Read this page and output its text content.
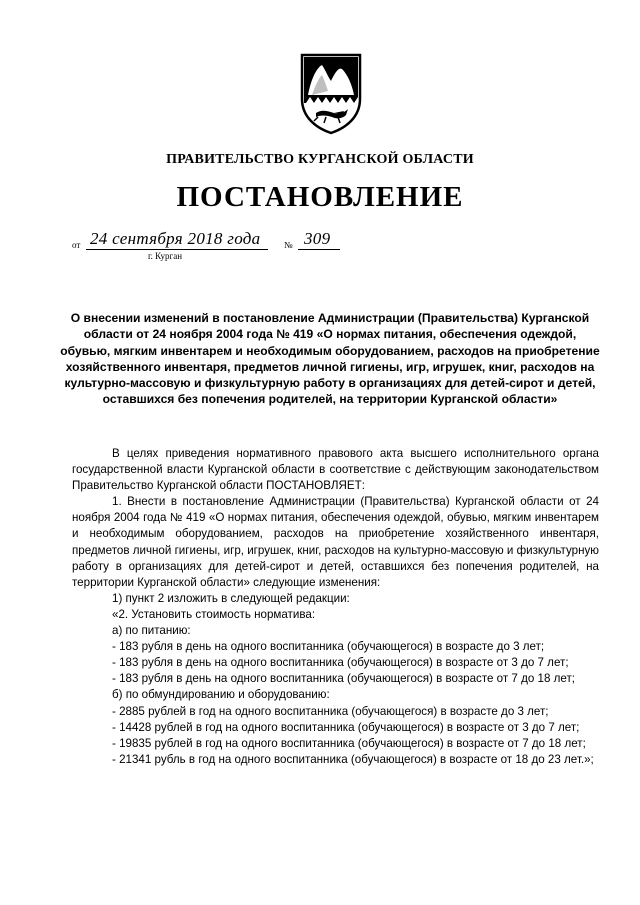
ПРАВИТЕЛЬСТВО КУРГАНСКОЙ ОБЛАСТИ
ПОСТАНОВЛЕНИЕ
от 24 сентября 2018 года	№ 309
г. Курган
О внесении изменений в постановление Администрации (Правительства) Курганской области от 24 ноября 2004 года № 419 «О нормах питания, обеспечения одеждой, обувью, мягким инвентарем и необходимым оборудованием, расходов на приобретение хозяйственного инвентаря, предметов личной гигиены, игр, игрушек, книг, расходов на культурно-массовую и физкультурную работу в организациях для детей-сирот и детей, оставшихся без попечения родителей, на территории Курганской области»

В целях приведения нормативного правового акта высшего исполнительного органа государственной власти Курганской области в соответствие с действующим законодательством Правительство Курганской области ПОСТАНОВЛЯЕТ:

1. Внести в постановление Администрации (Правительства) Курганской области от 24 ноября 2004 года № 419 «О нормах питания, обеспечения одеждой, обувью, мягким инвентарем и необходимым оборудованием, расходов на приобретение хозяйственного инвентаря, предметов личной гигиены, игр, игрушек, книг, расходов на культурно-массовую и физкультурную работу в организациях для детей-сирот и детей, оставшихся без попечения родителей, на территории Курганской области» следующие изменения:

1) пункт 2 изложить в следующей редакции:

«2. Установить стоимость норматива:

а) по питанию:

- 183 рубля в день на одного воспитанника (обучающегося) в возрасте до 3 лет;

- 183 рубля в день на одного воспитанника (обучающегося) в возрасте от 3 до 7 лет;

- 183 рубля в день на одного воспитанника (обучающегося) в возрасте от 7 до 18 лет;

б) по обмундированию и оборудованию:

- 2885 рублей в год на одного воспитанника (обучающегося) в возрасте до 3 лет;

- 14428 рублей в год на одного воспитанника (обучающегося) в возрасте от 3 до 7 лет;

- 19835 рублей в год на одного воспитанника (обучающегося) в возрасте от 7 до 18 лет;

- 21341 рубль в год на одного воспитанника (обучающегося) в возрасте от 18 до 23 лет.»;
